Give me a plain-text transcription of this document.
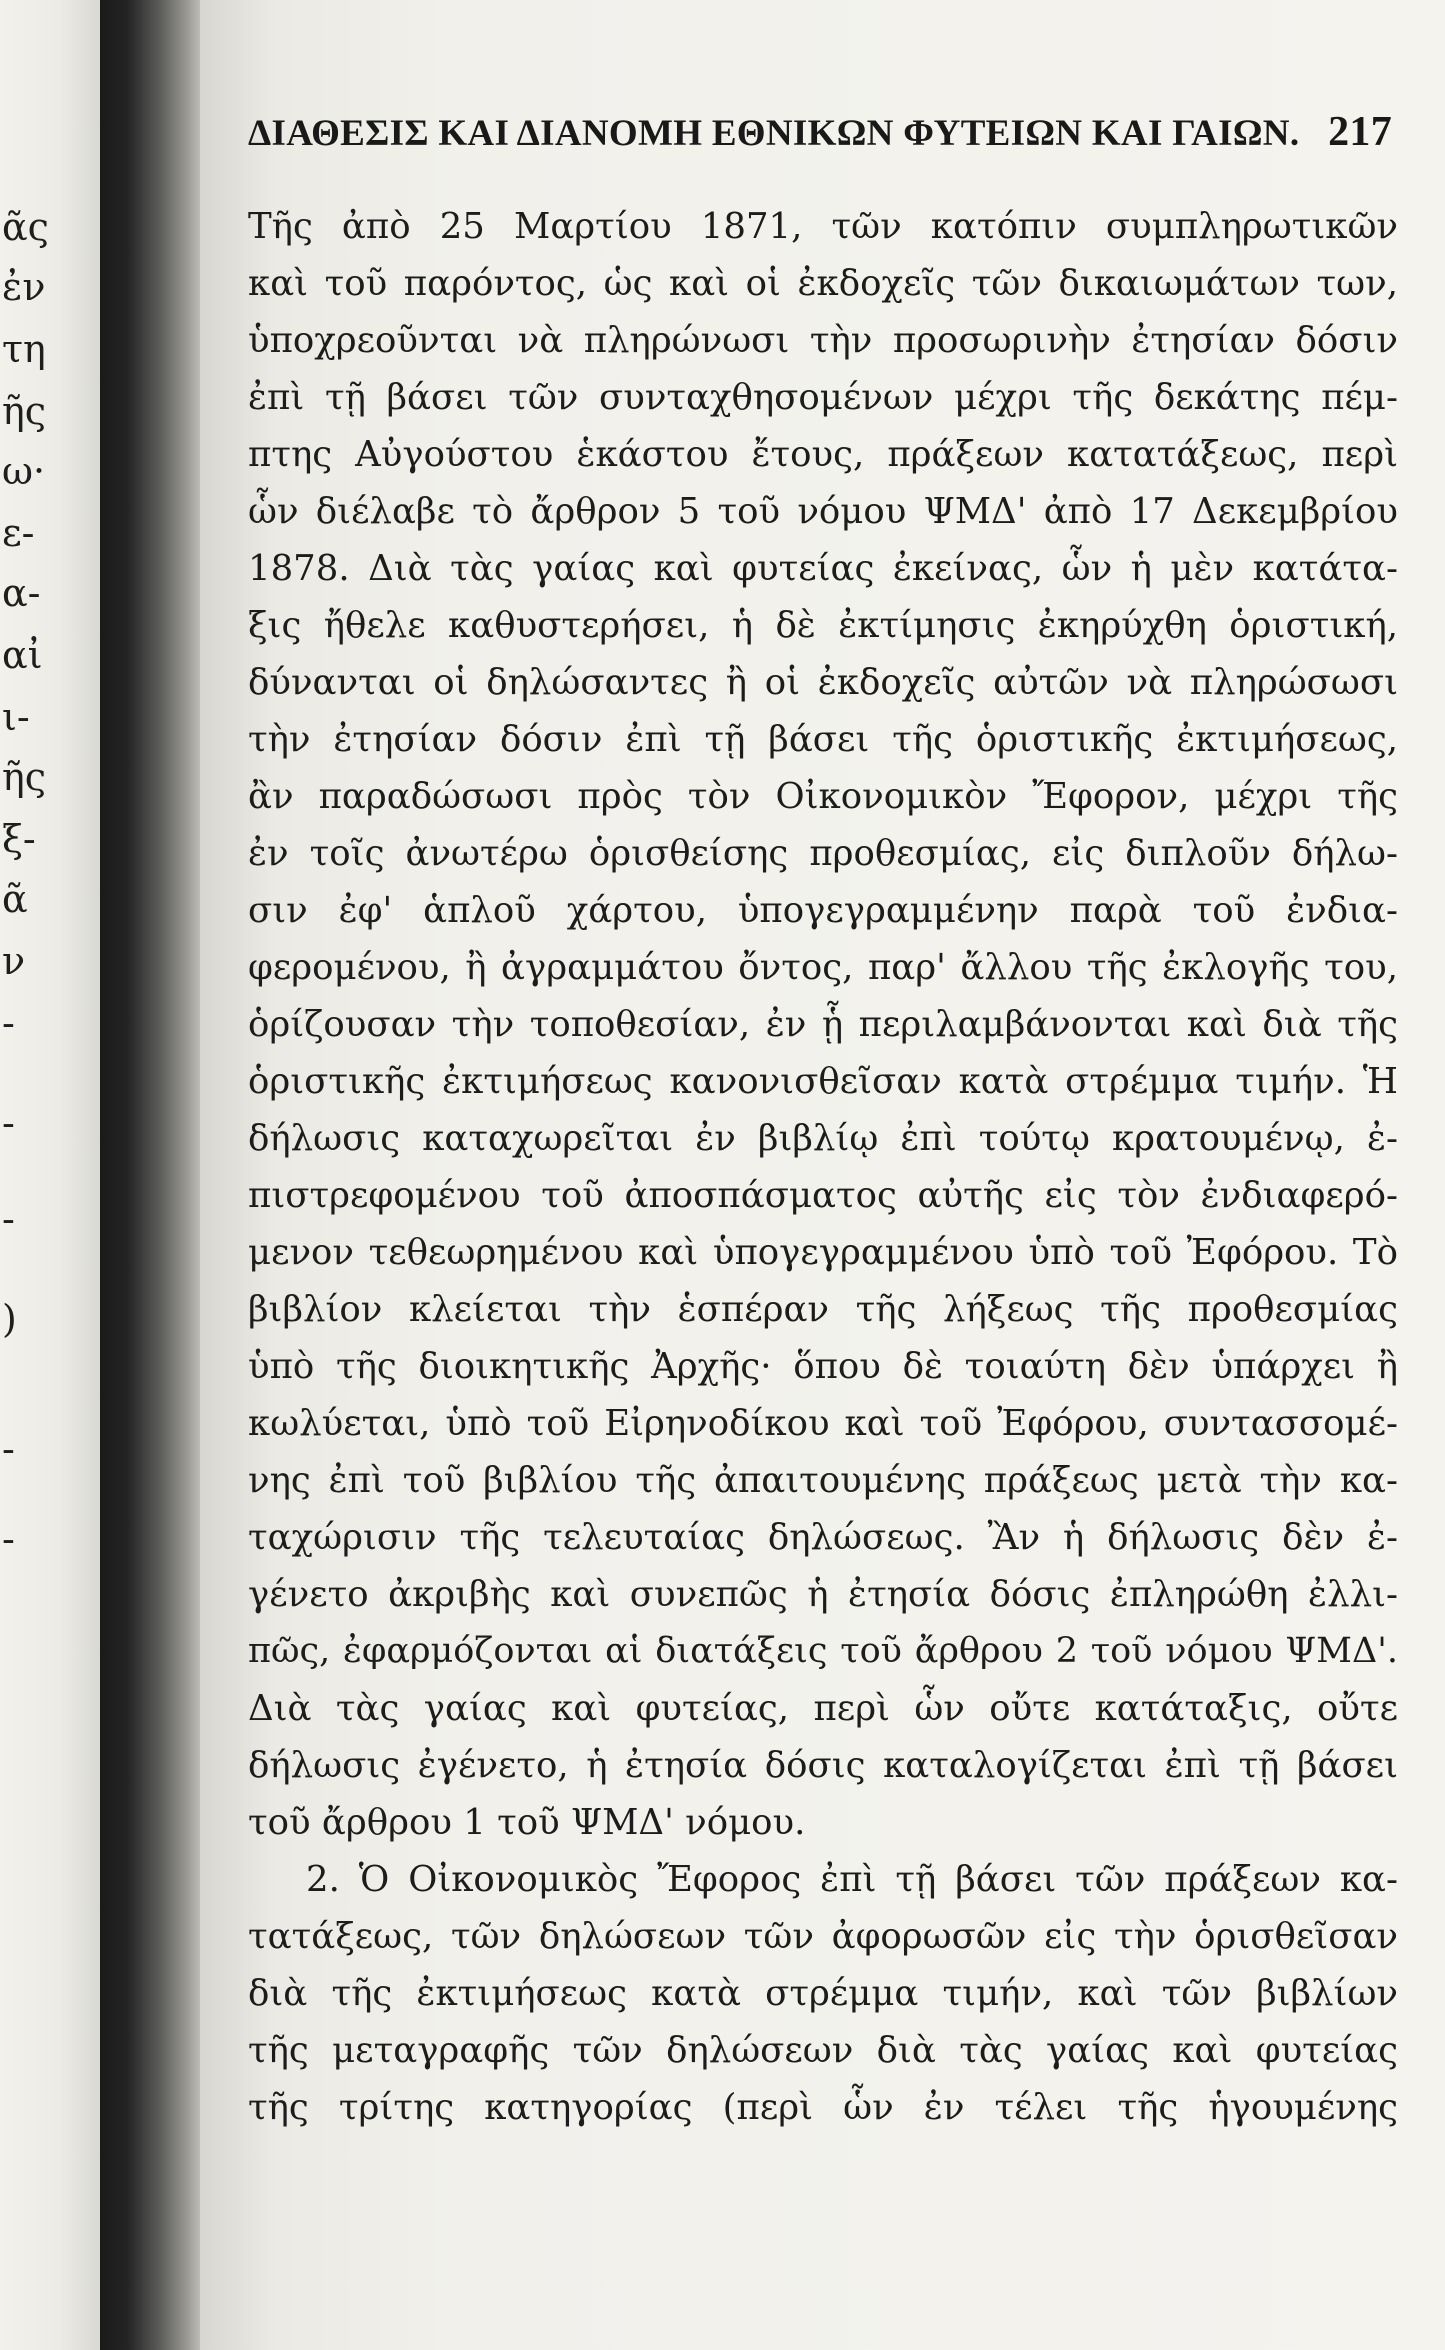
ᾶς
ἐν
τη
ῆς
ω·
ε-
α-
αἰ
ι-
ῆς
ξ-
ᾶ
ν
-
-
-
)
-
-
ΔΙΑΘΕΣΙΣ ΚΑΙ ΔΙΑΝΟΜΗ ΕΘΝΙΚΩΝ ΦΥΤΕΙΩΝ ΚΑΙ ΓΑΙΩΝ. 217
Τῆς ἀπὸ 25 Μαρτίου 1871, τῶν κατόπιν συμπληρωτικῶν
καὶ τοῦ παρόντος, ὡς καὶ οἱ ἐκδοχεῖς τῶν δικαιωμάτων των,
ὑποχρεοῦνται νὰ πληρώνωσι τὴν προσωρινὴν ἐτησίαν δόσιν
ἐπὶ τῇ βάσει τῶν συνταχθησομένων μέχρι τῆς δεκάτης πέμ-
πτης Αὐγούστου ἑκάστου ἔτους, πράξεων κατατάξεως, περὶ
ὧν διέλαβε τὸ ἄρθρον 5 τοῦ νόμου ΨΜΔ' ἀπὸ 17 Δεκεμβρίου
1878. Διὰ τὰς γαίας καὶ φυτείας ἐκείνας, ὧν ἡ μὲν κατάτα-
ξις ἤθελε καθυστερήσει, ἡ δὲ ἐκτίμησις ἐκηρύχθη ὁριστική,
δύνανται οἱ δηλώσαντες ἢ οἱ ἐκδοχεῖς αὐτῶν νὰ πληρώσωσι
τὴν ἐτησίαν δόσιν ἐπὶ τῇ βάσει τῆς ὁριστικῆς ἐκτιμήσεως,
ἂν παραδώσωσι πρὸς τὸν Οἰκονομικὸν Ἔφορον, μέχρι τῆς
ἐν τοῖς ἀνωτέρω ὁρισθείσης προθεσμίας, εἰς διπλοῦν δήλω-
σιν ἐφ' ἁπλοῦ χάρτου, ὑπογεγραμμένην παρὰ τοῦ ἐνδια-
φερομένου, ἢ ἀγραμμάτου ὄντος, παρ' ἄλλου τῆς ἐκλογῆς του,
ὁρίζουσαν τὴν τοποθεσίαν, ἐν ᾗ περιλαμβάνονται καὶ διὰ τῆς
ὁριστικῆς ἐκτιμήσεως κανονισθεῖσαν κατὰ στρέμμα τιμήν. Ἡ
δήλωσις καταχωρεῖται ἐν βιβλίῳ ἐπὶ τούτῳ κρατουμένῳ, ἐ-
πιστρεφομένου τοῦ ἀποσπάσματος αὐτῆς εἰς τὸν ἐνδιαφερό-
μενον τεθεωρημένου καὶ ὑπογεγραμμένου ὑπὸ τοῦ Ἐφόρου. Τὸ
βιβλίον κλείεται τὴν ἑσπέραν τῆς λήξεως τῆς προθεσμίας
ὑπὸ τῆς διοικητικῆς Ἀρχῆς· ὅπου δὲ τοιαύτη δὲν ὑπάρχει ἢ
κωλύεται, ὑπὸ τοῦ Εἰρηνοδίκου καὶ τοῦ Ἐφόρου, συντασσομέ-
νης ἐπὶ τοῦ βιβλίου τῆς ἀπαιτουμένης πράξεως μετὰ τὴν κα-
ταχώρισιν τῆς τελευταίας δηλώσεως. Ἂν ἡ δήλωσις δὲν ἐ-
γένετο ἀκριβὴς καὶ συνεπῶς ἡ ἐτησία δόσις ἐπληρώθη ἐλλι-
πῶς, ἐφαρμόζονται αἱ διατάξεις τοῦ ἄρθρου 2 τοῦ νόμου ΨΜΔ'.
Διὰ τὰς γαίας καὶ φυτείας, περὶ ὧν οὔτε κατάταξις, οὔτε
δήλωσις ἐγένετο, ἡ ἐτησία δόσις καταλογίζεται ἐπὶ τῇ βάσει
τοῦ ἄρθρου 1 τοῦ ΨΜΔ' νόμου.
2. Ὁ Οἰκονομικὸς Ἔφορος ἐπὶ τῇ βάσει τῶν πράξεων κα-
τατάξεως, τῶν δηλώσεων τῶν ἀφορωσῶν εἰς τὴν ὁρισθεῖσαν
διὰ τῆς ἐκτιμήσεως κατὰ στρέμμα τιμήν, καὶ τῶν βιβλίων
τῆς μεταγραφῆς τῶν δηλώσεων διὰ τὰς γαίας καὶ φυτείας
τῆς τρίτης κατηγορίας (περὶ ὧν ἐν τέλει τῆς ἡγουμένης
